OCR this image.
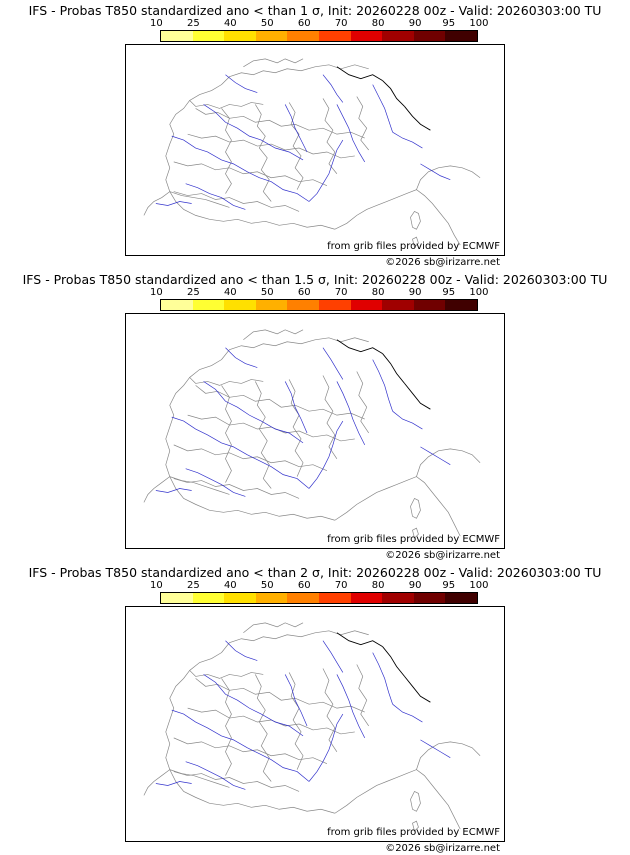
IFS - Probas T850 standardized ano < than 1 σ, Init: 20260228 00z - Valid: 20260303:00 TU
10 25 40 50 60 70 80 90 95 100
from grib files provided by ECMWF
©2026 sb@irizarre.net
IFS - Probas T850 standardized ano < than 1.5 σ, Init: 20260228 00z - Valid: 20260303:00 TU
10 25 40 50 60 70 80 90 95 100
from grib files provided by ECMWF
©2026 sb@irizarre.net
IFS - Probas T850 standardized ano < than 2 σ, Init: 20260228 00z - Valid: 20260303:00 TU
10 25 40 50 60 70 80 90 95 100
from grib files provided by ECMWF
©2026 sb@irizarre.net
